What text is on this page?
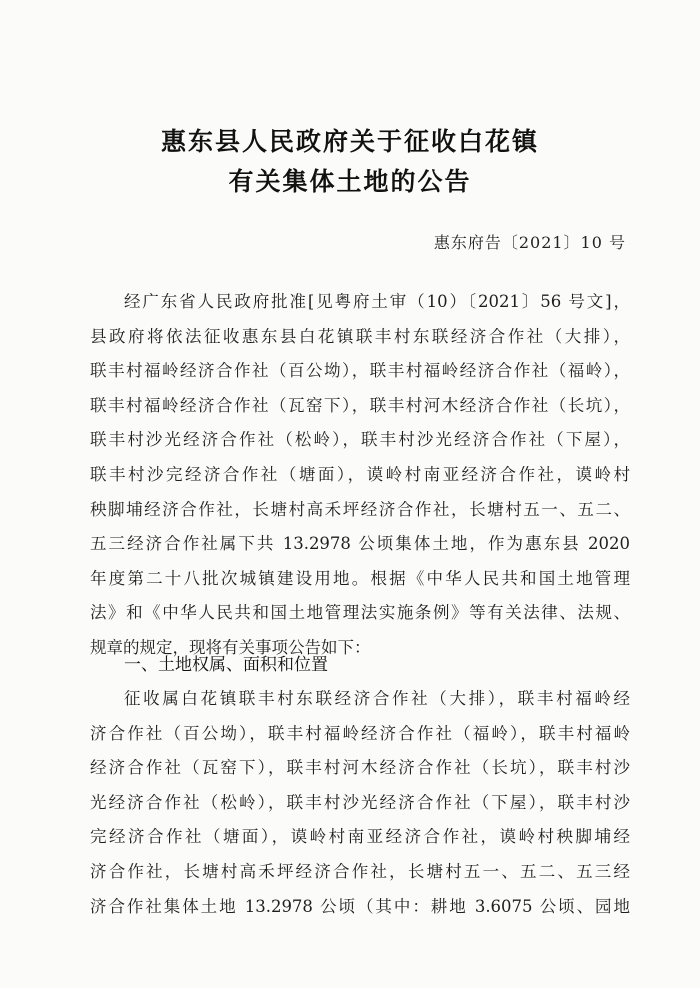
惠东县人民政府关于征收白花镇
有关集体土地的公告
惠东府告〔2021〕10 号
经广东省人民政府批准[见粤府土审（10）〔2021〕56 号文]，
县政府将依法征收惠东县白花镇联丰村东联经济合作社（大排），
联丰村福岭经济合作社（百公坳），联丰村福岭经济合作社（福岭），
联丰村福岭经济合作社（瓦窑下），联丰村河木经济合作社（长坑），
联丰村沙光经济合作社（松岭），联丰村沙光经济合作社（下屋），
联丰村沙完经济合作社（塘面），谟岭村南亚经济合作社，谟岭村
秧脚埔经济合作社，长塘村高禾坪经济合作社，长塘村五一、五二、
五三经济合作社属下共 13.2978 公顷集体土地，作为惠东县 2020
年度第二十八批次城镇建设用地。根据《中华人民共和国土地管理
法》和《中华人民共和国土地管理法实施条例》等有关法律、法规、
规章的规定，现将有关事项公告如下：
一、土地权属、面积和位置
征收属白花镇联丰村东联经济合作社（大排），联丰村福岭经
济合作社（百公坳），联丰村福岭经济合作社（福岭），联丰村福岭
经济合作社（瓦窑下），联丰村河木经济合作社（长坑），联丰村沙
光经济合作社（松岭），联丰村沙光经济合作社（下屋），联丰村沙
完经济合作社（塘面），谟岭村南亚经济合作社，谟岭村秧脚埔经
济合作社，长塘村高禾坪经济合作社，长塘村五一、五二、五三经
济合作社集体土地 13.2978 公顷（其中：耕地 3.6075 公顷、园地
